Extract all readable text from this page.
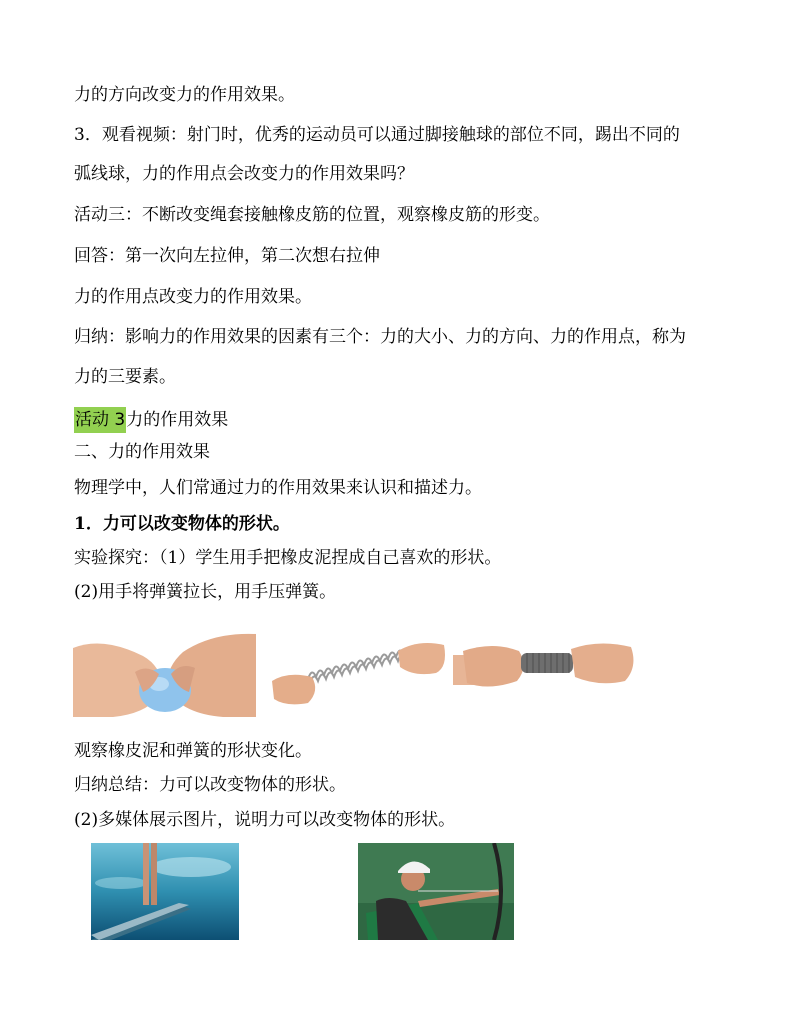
力的方向改变力的作用效果。
3．观看视频：射门时，优秀的运动员可以通过脚接触球的部位不同，踢出不同的
弧线球，力的作用点会改变力的作用效果吗？
活动三：不断改变绳套接触橡皮筋的位置，观察橡皮筋的形变。
回答：第一次向左拉伸，第二次想右拉伸
力的作用点改变力的作用效果。
归纳：影响力的作用效果的因素有三个：力的大小、力的方向、力的作用点，称为
力的三要素。
活动 3力的作用效果
二、力的作用效果
物理学中，人们常通过力的作用效果来认识和描述力。
1．力可以改变物体的形状。
实验探究：（1）学生用手把橡皮泥捏成自己喜欢的形状。
(2)用手将弹簧拉长，用手压弹簧。
观察橡皮泥和弹簧的形状变化。
归纳总结：力可以改变物体的形状。
(2)多媒体展示图片，说明力可以改变物体的形状。
